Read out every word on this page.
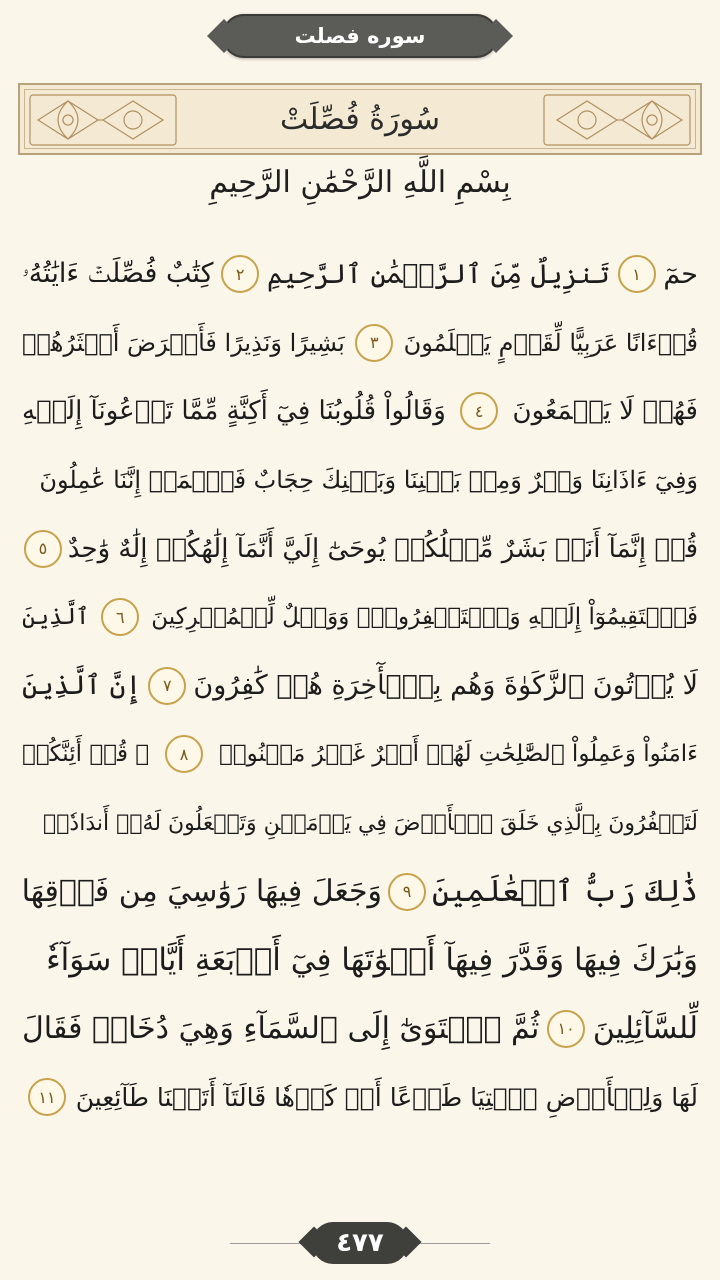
سوره فصلت
سُورَةُ فُصِّلَتْ
بِسْمِ اللَّهِ الرَّحْمَٰنِ الرَّحِيمِ
حمٓ
١
تَنزِيلٌ مِّنَ ٱلرَّحۡمَٰنِ ٱلرَّحِيمِ
٢
كِتَٰبٌ فُصِّلَتۡ ءَايَٰتُهُۥ
قُرۡءَانًا عَرَبِيًّا لِّقَوۡمٍ يَعۡلَمُونَ
٣
بَشِيرًا وَنَذِيرًا فَأَعۡرَضَ أَكۡثَرُهُمۡ
فَهُمۡ لَا يَسۡمَعُونَ
٤
وَقَالُواْ قُلُوبُنَا فِيٓ أَكِنَّةٍ مِّمَّا تَدۡعُونَآ إِلَيۡهِ
وَفِيٓ ءَاذَانِنَا وَقۡرٌ وَمِنۢ بَيۡنِنَا وَبَيۡنِكَ حِجَابٌ فَٱعۡمَلۡ إِنَّنَا عَٰمِلُونَ
قُلۡ إِنَّمَآ أَنَا۠ بَشَرٌ مِّثۡلُكُمۡ يُوحَىٰٓ إِلَيَّ أَنَّمَآ إِلَٰهُكُمۡ إِلَٰهٌ وَٰحِدٌ
٥
فَٱسۡتَقِيمُوٓاْ إِلَيۡهِ وَٱسۡتَغۡفِرُوهُۗ وَوَيۡلٌ لِّلۡمُشۡرِكِينَ
٦
ٱلَّذِينَ
لَا يُؤۡتُونَ ٱلزَّكَوٰةَ وَهُم بِٱلۡأٓخِرَةِ هُمۡ كَٰفِرُونَ
٧
إِنَّ ٱلَّذِينَ
ءَامَنُواْ وَعَمِلُواْ ٱلصَّٰلِحَٰتِ لَهُمۡ أَجۡرٌ غَيۡرُ مَمۡنُونٖ
٨
۞ قُلۡ أَئِنَّكُمۡ
لَتَكۡفُرُونَ بِٱلَّذِي خَلَقَ ٱلۡأَرۡضَ فِي يَوۡمَيۡنِ وَتَجۡعَلُونَ لَهُۥٓ أَندَادٗاۚ
ذَٰلِكَ رَبُّ ٱلۡعَٰلَمِينَ
٩
وَجَعَلَ فِيهَا رَوَٰسِيَ مِن فَوۡقِهَا
وَبَٰرَكَ فِيهَا وَقَدَّرَ فِيهَآ أَقۡوَٰتَهَا فِيٓ أَرۡبَعَةِ أَيَّامٖ سَوَآءٗ
لِّلسَّآئِلِينَ
١٠
ثُمَّ ٱسۡتَوَىٰٓ إِلَى ٱلسَّمَآءِ وَهِيَ دُخَانٞ فَقَالَ
لَهَا وَلِلۡأَرۡضِ ٱئۡتِيَا طَوۡعًا أَوۡ كَرۡهٗا قَالَتَآ أَتَيۡنَا طَآئِعِينَ
١١
٤٧٧
